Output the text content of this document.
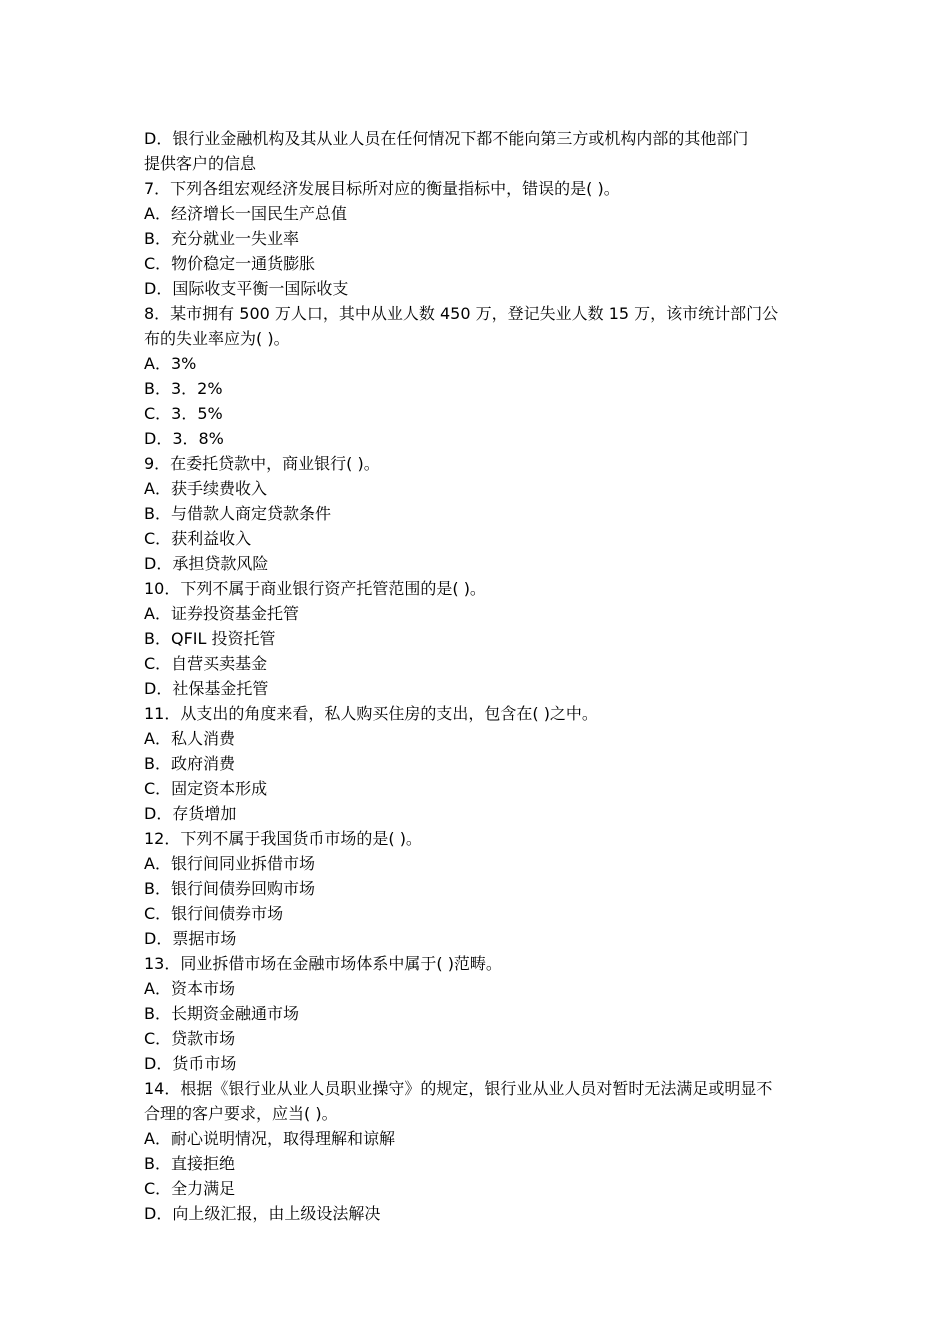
D．银行业金融机构及其从业人员在任何情况下都不能向第三方或机构内部的其他部门
提供客户的信息
7．下列各组宏观经济发展目标所对应的衡量指标中，错误的是( )。
A．经济增长一国民生产总值
B．充分就业一失业率
C．物价稳定一通货膨胀
D．国际收支平衡一国际收支
8．某市拥有 500 万人口，其中从业人数 450 万，登记失业人数 15 万，该市统计部门公
布的失业率应为( )。
A．3%
B．3．2%
C．3．5%
D．3．8%
9．在委托贷款中，商业银行( )。
A．获手续费收入
B．与借款人商定贷款条件
C．获利益收入
D．承担贷款风险
10．下列不属于商业银行资产托管范围的是( )。
A．证券投资基金托管
B．QFIL 投资托管
C．自营买卖基金
D．社保基金托管
11．从支出的角度来看，私人购买住房的支出，包含在( )之中。
A．私人消费
B．政府消费
C．固定资本形成
D．存货增加
12．下列不属于我国货币市场的是( )。
A．银行间同业拆借市场
B．银行间债券回购市场
C．银行间债券市场
D．票据市场
13．同业拆借市场在金融市场体系中属于( )范畴。
A．资本市场
B．长期资金融通市场
C．贷款市场
D．货币市场
14．根据《银行业从业人员职业操守》的规定，银行业从业人员对暂时无法满足或明显不
合理的客户要求，应当( )。
A．耐心说明情况，取得理解和谅解
B．直接拒绝
C．全力满足
D．向上级汇报，由上级设法解决
